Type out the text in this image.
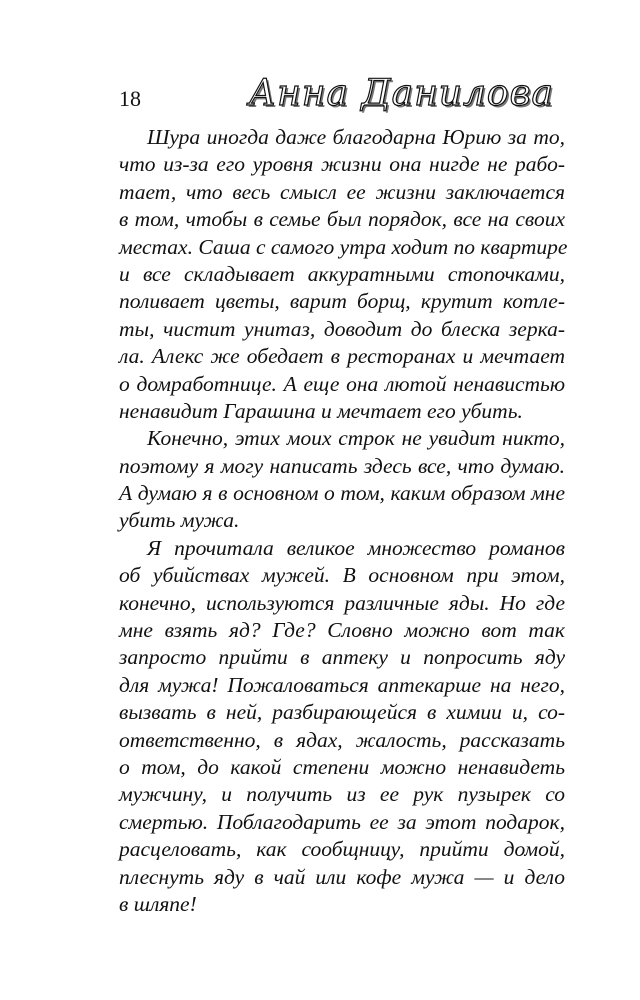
18	Анна Данилова
Шура иногда даже благодарна Юрию за то,
что из-за его уровня жизни она нигде не рабо-
тает, что весь смысл ее жизни заключается
в том, чтобы в семье был порядок, все на своих
местах. Саша с самого утра ходит по квартире
и все складывает аккуратными стопочками,
поливает цветы, варит борщ, крутит котле-
ты, чистит унитаз, доводит до блеска зерка-
ла. Алекс же обедает в ресторанах и мечтает
о домработнице. А еще она лютой ненавистью
ненавидит Гарашина и мечтает его убить.
Конечно, этих моих строк не увидит никто,
поэтому я могу написать здесь все, что думаю.
А думаю я в основном о том, каким образом мне
убить мужа.
Я прочитала великое множество романов
об убийствах мужей. В основном при этом,
конечно, используются различные яды. Но где
мне взять яд? Где? Словно можно вот так
запросто прийти в аптеку и попросить яду
для мужа! Пожаловаться аптекарше на него,
вызвать в ней, разбирающейся в химии и, со-
ответственно, в ядах, жалость, рассказать
о том, до какой степени можно ненавидеть
мужчину, и получить из ее рук пузырек со
смертью. Поблагодарить ее за этот подарок,
расцеловать, как сообщницу, прийти домой,
плеснуть яду в чай или кофе мужа — и дело
в шляпе!
